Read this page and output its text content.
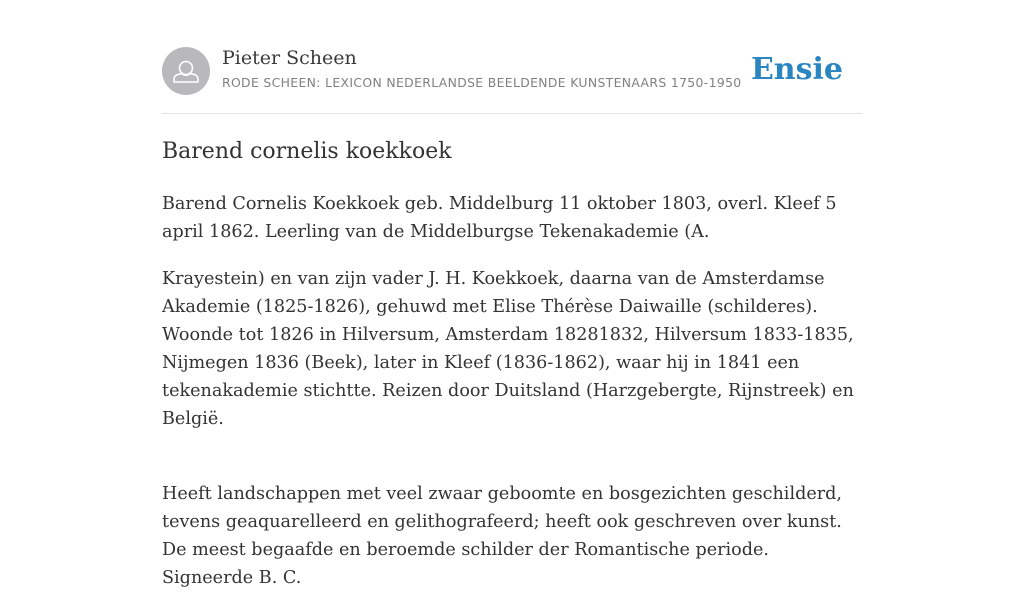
Pieter Scheen
RODE SCHEEN: LEXICON NEDERLANDSE BEELDENDE KUNSTENAARS 1750-1950 Ensie
Barend cornelis koekkoek

Barend Cornelis Koekkoek geb. Middelburg 11 oktober 1803, overl. Kleef 5 april 1862. Leerling van de Middelburgse Tekenakademie (A.

Krayestein) en van zijn vader J. H. Koekkoek, daarna van de Amsterdamse Akademie (1825-1826), gehuwd met Elise Thérèse Daiwaille (schilderes). Woonde tot 1826 in Hilversum, Amsterdam 18281832, Hilversum 1833-1835, Nijmegen 1836 (Beek), later in Kleef (1836-1862), waar hij in 1841 een tekenakademie stichtte. Reizen door Duitsland (Harzgebergte, Rijnstreek) en België.

Heeft landschappen met veel zwaar geboomte en bosgezichten geschilderd, tevens geaquarelleerd en gelithografeerd; heeft ook geschreven over kunst. De meest begaafde en beroemde schilder der Romantische periode. Signeerde B. C.
